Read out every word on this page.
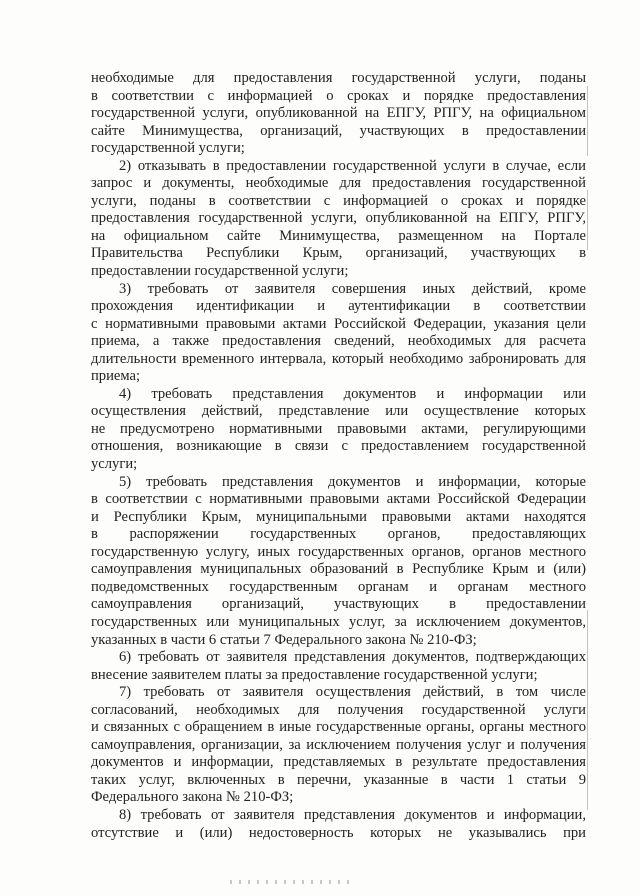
необходимые для предоставления государственной услуги, поданы
в соответствии с информацией о сроках и порядке предоставления
государственной услуги, опубликованной на ЕПГУ, РПГУ, на официальном
сайте Минимущества, организаций, участвующих в предоставлении
государственной услуги;
2) отказывать в предоставлении государственной услуги в случае, если
запрос и документы, необходимые для предоставления государственной
услуги, поданы в соответствии с информацией о сроках и порядке
предоставления государственной услуги, опубликованной на ЕПГУ, РПГУ,
на официальном сайте Минимущества, размещенном на Портале
Правительства Республики Крым, организаций, участвующих в
предоставлении государственной услуги;
3) требовать от заявителя совершения иных действий, кроме
прохождения идентификации и аутентификации в соответствии
с нормативными правовыми актами Российской Федерации, указания цели
приема, а также предоставления сведений, необходимых для расчета
длительности временного интервала, который необходимо забронировать для
приема;
4) требовать представления документов и информации или
осуществления действий, представление или осуществление которых
не предусмотрено нормативными правовыми актами, регулирующими
отношения, возникающие в связи с предоставлением государственной
услуги;
5) требовать представления документов и информации, которые
в соответствии с нормативными правовыми актами Российской Федерации
и Республики Крым, муниципальными правовыми актами находятся
в распоряжении государственных органов, предоставляющих
государственную услугу, иных государственных органов, органов местного
самоуправления муниципальных образований в Республике Крым и (или)
подведомственных государственным органам и органам местного
самоуправления организаций, участвующих в предоставлении
государственных или муниципальных услуг, за исключением документов,
указанных в части 6 статьи 7 Федерального закона № 210-ФЗ;
6) требовать от заявителя представления документов, подтверждающих
внесение заявителем платы за предоставление государственной услуги;
7) требовать от заявителя осуществления действий, в том числе
согласований, необходимых для получения государственной услуги
и связанных с обращением в иные государственные органы, органы местного
самоуправления, организации, за исключением получения услуг и получения
документов и информации, представляемых в результате предоставления
таких услуг, включенных в перечни, указанные в части 1 статьи 9
Федерального закона № 210-ФЗ;
8) требовать от заявителя представления документов и информации,
отсутствие и (или) недостоверность которых не указывались при
